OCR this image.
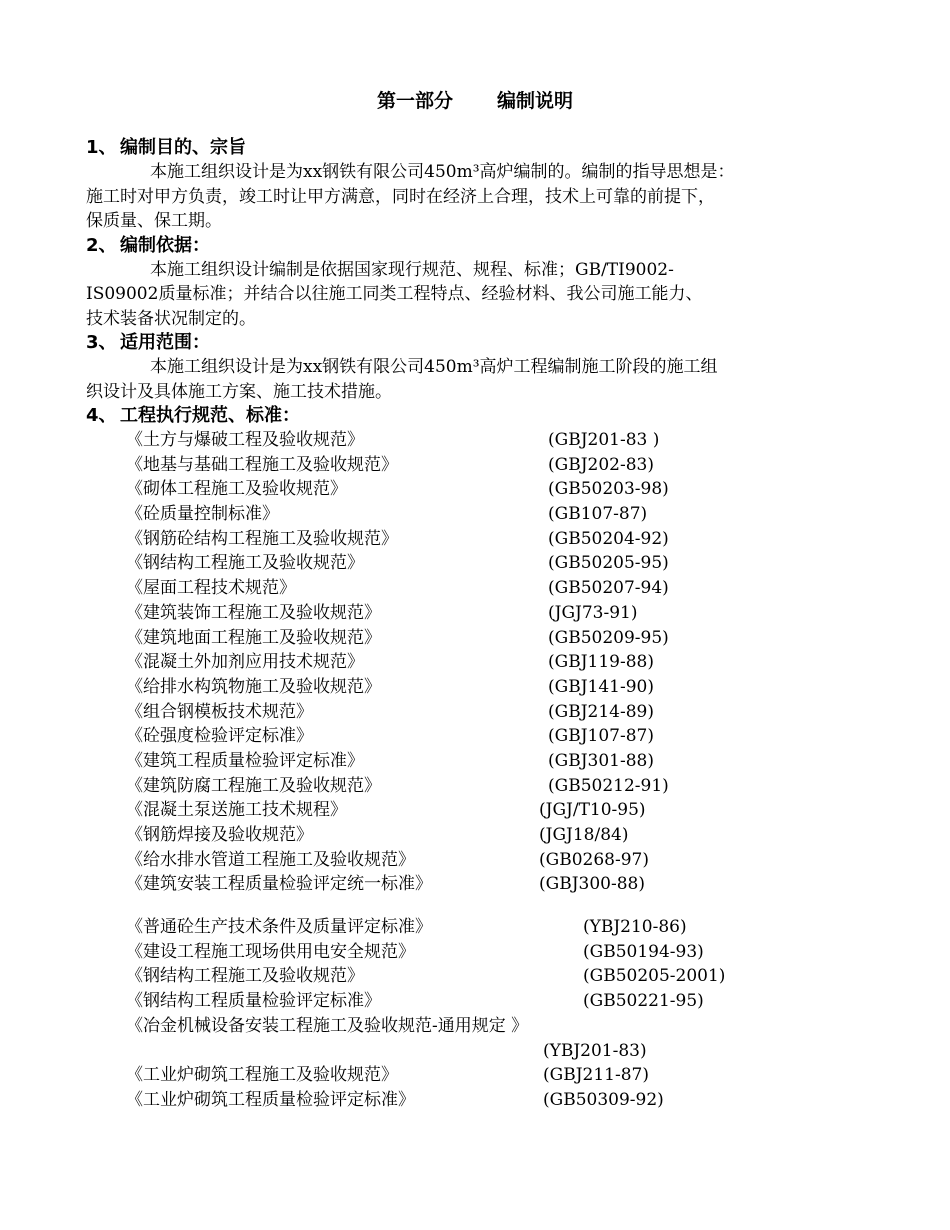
第一部分 编制说明
1、 编制目的、宗旨
本施工组织设计是为xx钢铁有限公司450m³高炉编制的。编制的指导思想是：
施工时对甲方负责，竣工时让甲方满意，同时在经济上合理，技术上可靠的前提下，
保质量、保工期。
2、 编制依据：
本施工组织设计编制是依据国家现行规范、规程、标准；GB/TI9002-
IS09002质量标准；并结合以往施工同类工程特点、经验材料、我公司施工能力、
技术装备状况制定的。
3、 适用范围：
本施工组织设计是为xx钢铁有限公司450m³高炉工程编制施工阶段的施工组
织设计及具体施工方案、施工技术措施。
4、 工程执行规范、标准：
《土方与爆破工程及验收规范》	(GBJ201-83 )
《地基与基础工程施工及验收规范》	(GBJ202-83)
《砌体工程施工及验收规范》	(GB50203-98)
《砼质量控制标准》	(GB107-87)
《钢筋砼结构工程施工及验收规范》	(GB50204-92)
《钢结构工程施工及验收规范》	(GB50205-95)
《屋面工程技术规范》	(GB50207-94)
《建筑装饰工程施工及验收规范》	(JGJ73-91)
《建筑地面工程施工及验收规范》	(GB50209-95)
《混凝土外加剂应用技术规范》	(GBJ119-88)
《给排水构筑物施工及验收规范》	(GBJ141-90)
《组合钢模板技术规范》	(GBJ214-89)
《砼强度检验评定标准》	(GBJ107-87)
《建筑工程质量检验评定标准》	(GBJ301-88)
《建筑防腐工程施工及验收规范》	(GB50212-91)
《混凝土泵送施工技术规程》	(JGJ/T10-95)
《钢筋焊接及验收规范》	(JGJ18/84)
《给水排水管道工程施工及验收规范》	(GB0268-97)
《建筑安装工程质量检验评定统一标准》	(GBJ300-88)
《普通砼生产技术条件及质量评定标准》	(YBJ210-86)
《建设工程施工现场供用电安全规范》	(GB50194-93)
《钢结构工程施工及验收规范》	(GB50205-2001)
《钢结构工程质量检验评定标准》	(GB50221-95)
《冶金机械设备安装工程施工及验收规范-通用规定 》
(YBJ201-83)
《工业炉砌筑工程施工及验收规范》	(GBJ211-87)
《工业炉砌筑工程质量检验评定标准》	(GB50309-92)
